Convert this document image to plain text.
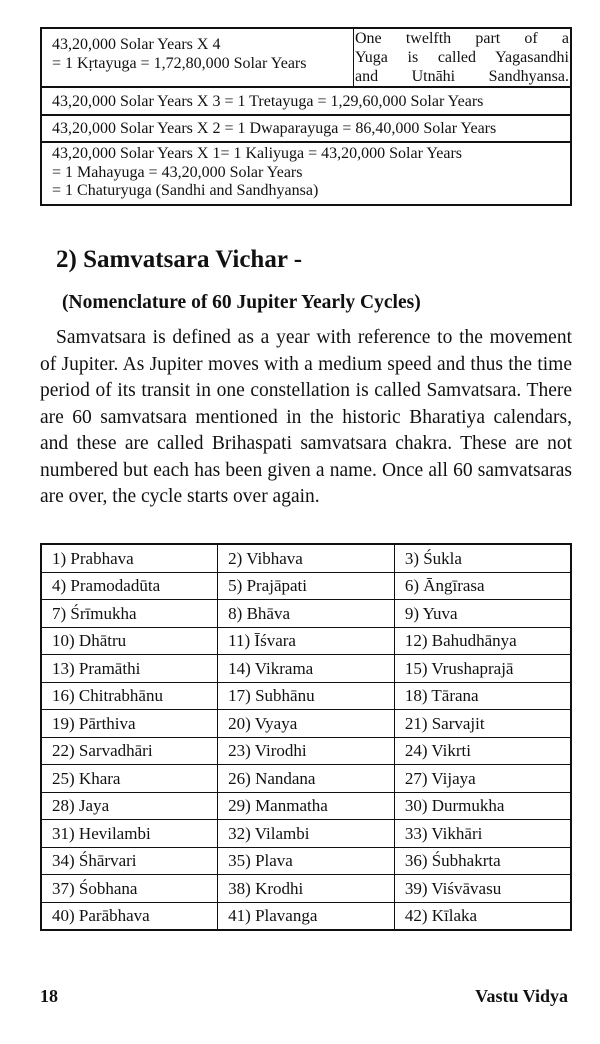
43,20,000 Solar Years X 4
= 1 Kṛtayuga = 1,72,80,000 Solar Years
One twelfth part of a
Yuga is called Yagasandhi
and Utnāhi Sandhyansa.
43,20,000 Solar Years X 3 = 1 Tretayuga = 1,29,60,000 Solar Years
43,20,000 Solar Years X 2 = 1 Dwaparayuga = 86,40,000 Solar Years
43,20,000 Solar Years X 1= 1 Kaliyuga = 43,20,000 Solar Years
= 1 Mahayuga = 43,20,000 Solar Years
= 1 Chaturyuga (Sandhi and Sandhyansa)
2) Samvatsara Vichar -
(Nomenclature of 60 Jupiter Yearly Cycles)

Samvatsara is defined as a year with reference to the movement of Jupiter. As Jupiter moves with a medium speed and thus the time period of its transit in one constellation is called Samvatsara. There are 60 samvatsara mentioned in the historic Bharatiya calendars, and these are called Brihaspati samvatsara chakra. These are not numbered but each has been given a name. Once all 60 samvatsaras are over, the cycle starts over again.

1) Prabhava	2) Vibhava	3) Śukla
4) Pramodadūta	5) Prajāpati	6) Āngīrasa
7) Śrīmukha	8) Bhāva	9) Yuva
10) Dhātru	11) Īśvara	12) Bahudhānya
13) Pramāthi	14) Vikrama	15) Vrushaprajā
16) Chitrabhānu	17) Subhānu	18) Tārana
19) Pārthiva	20) Vyaya	21) Sarvajit
22) Sarvadhāri	23) Virodhi	24) Vikrti
25) Khara	26) Nandana	27) Vijaya
28) Jaya	29) Manmatha	30) Durmukha
31) Hevilambi	32) Vilambi	33) Vikhāri
34) Śhārvari	35) Plava	36) Śubhakrta
37) Śobhana	38) Krodhi	39) Viśvāvasu
40) Parābhava	41) Plavanga	42) Kīlaka
18	Vastu Vidya
